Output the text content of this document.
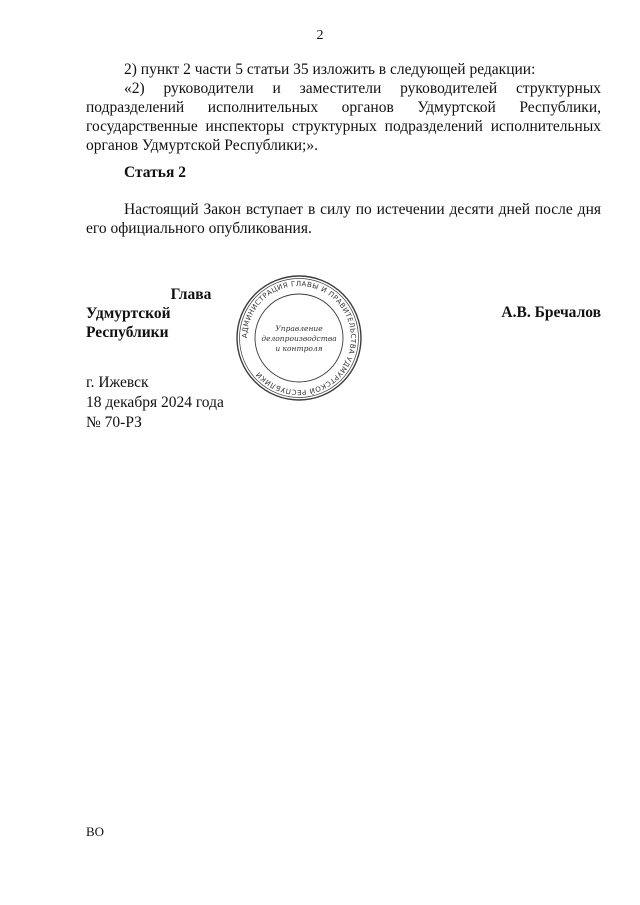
2

2) пункт 2 части 5 статьи 35 изложить в следующей редакции:

«2) руководители и заместители руководителей структурных подразделений исполнительных органов Удмуртской Республики, государственные инспекторы структурных подразделений исполнительных органов Удмуртской Республики;».

Статья 2

Настоящий Закон вступает в силу по истечении десяти дней после дня его официального опубликования.

Глава
Удмуртской Республики	АДМИНИСТРАЦИЯ ГЛАВЫ И ПРАВИТЕЛЬСТВА УДМУРТСКОЙ РЕСПУБЛИКИ
Управление
делопроизводства
и контроля
А.В. Бречалов
г. Ижевск
18 декабря 2024 года
№ 70-РЗ
ВО
